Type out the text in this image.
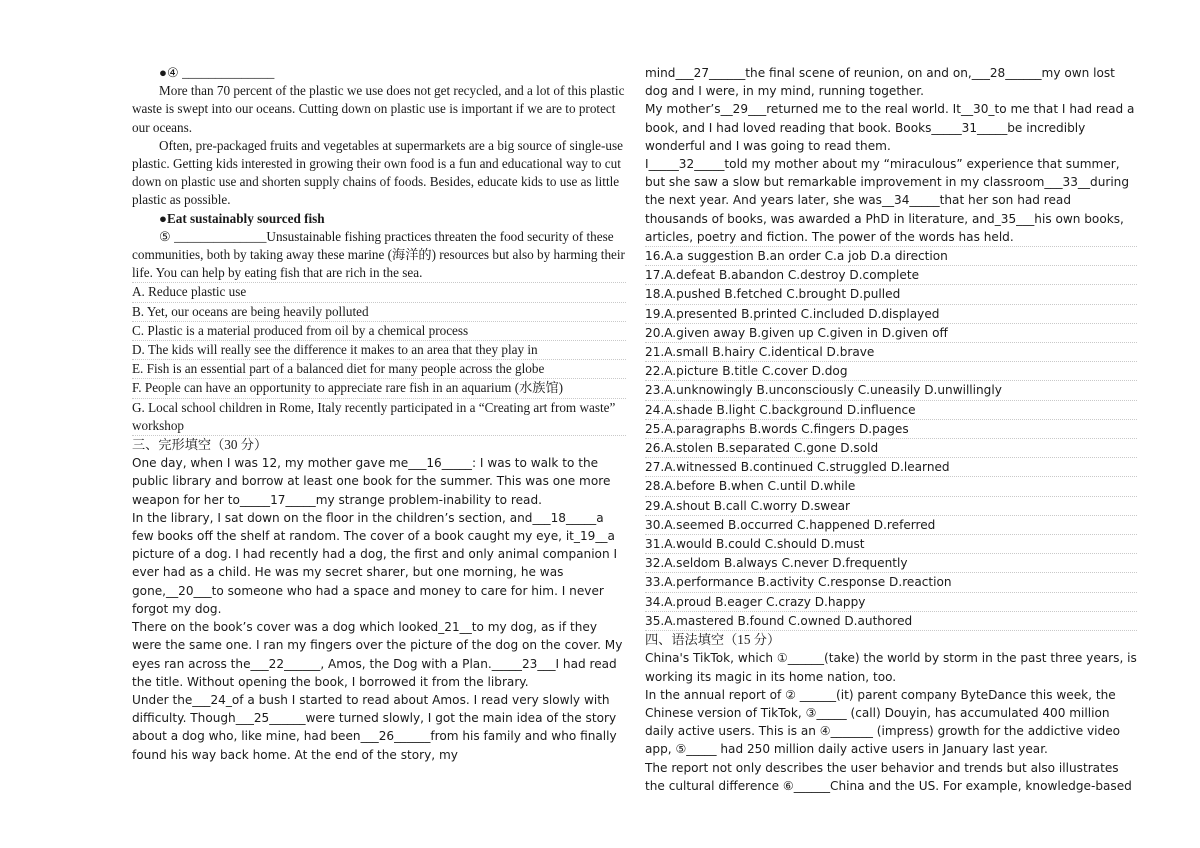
●④ ______________

More than 70 percent of the plastic we use does not get recycled, and a lot of this plastic waste is swept into our oceans. Cutting down on plastic use is important if we are to protect our oceans.

Often, pre-packaged fruits and vegetables at supermarkets are a big source of single-use plastic. Getting kids interested in growing their own food is a fun and educational way to cut down on plastic use and shorten supply chains of foods. Besides, educate kids to use as little plastic as possible.

●Eat sustainably sourced fish

⑤ ______________Unsustainable fishing practices threaten the food security of these communities, both by taking away these marine (海洋的) resources but also by harming their life. You can help by eating fish that are rich in the sea.

A. Reduce plastic use

B. Yet, our oceans are being heavily polluted

C. Plastic is a material produced from oil by a chemical process

D. The kids will really see the difference it makes to an area that they play in

E. Fish is an essential part of a balanced diet for many people across the globe

F. People can have an opportunity to appreciate rare fish in an aquarium (水族馆)

G. Local school children in Rome, Italy recently participated in a “Creating art from waste” workshop

三、完形填空（30 分）

One day, when I was 12, my mother gave me___16_____: I was to walk to the public library and borrow at least one book for the summer. This was one more weapon for her to_____17_____my strange problem-inability to read.

In the library, I sat down on the floor in the children’s section, and___18_____a few books off the shelf at random. The cover of a book caught my eye, it_19__a picture of a dog. I had recently had a dog, the first and only animal companion I ever had as a child. He was my secret sharer, but one morning, he was gone,__20___to someone who had a space and money to care for him. I never forgot my dog.

There on the book’s cover was a dog which looked_21__to my dog, as if they were the same one. I ran my fingers over the picture of the dog on the cover. My eyes ran across the___22______, Amos, the Dog with a Plan._____23___I had read the title. Without opening the book, I borrowed it from the library.

Under the___24_of a bush I started to read about Amos. I read very slowly with difficulty. Though___25______were turned slowly, I got the main idea of the story about a dog who, like mine, had been___26______from his family and who finally found his way back home. At the end of the story, my

mind___27______the final scene of reunion, on and on,___28______my own lost dog and I were, in my mind, running together.

My mother’s__29___returned me to the real world. It__30_to me that I had read a book, and I had loved reading that book. Books_____31_____be incredibly wonderful and I was going to read them.

I_____32_____told my mother about my “miraculous” experience that summer, but she saw a slow but remarkable improvement in my classroom___33__during the next year. And years later, she was__34_____that her son had read thousands of books, was awarded a PhD in literature, and_35___his own books, articles, poetry and fiction. The power of the words has held.

16.A.a suggestion B.an order C.a job D.a direction

17.A.defeat B.abandon C.destroy D.complete

18.A.pushed B.fetched C.brought D.pulled

19.A.presented B.printed C.included D.displayed

20.A.given away B.given up C.given in D.given off

21.A.small B.hairy C.identical D.brave

22.A.picture B.title C.cover D.dog

23.A.unknowingly B.unconsciously C.uneasily D.unwillingly

24.A.shade B.light C.background D.influence

25.A.paragraphs B.words C.fingers D.pages

26.A.stolen B.separated C.gone D.sold

27.A.witnessed B.continued C.struggled D.learned

28.A.before B.when C.until D.while

29.A.shout B.call C.worry D.swear

30.A.seemed B.occurred C.happened D.referred

31.A.would B.could C.should D.must

32.A.seldom B.always C.never D.frequently

33.A.performance B.activity C.response D.reaction

34.A.proud B.eager C.crazy D.happy

35.A.mastered B.found C.owned D.authored

四、语法填空（15 分）

China's TikTok, which ①______(take) the world by storm in the past three years, is working its magic in its home nation, too.

In the annual report of ② ______(it) parent company ByteDance this week, the Chinese version of TikTok, ③_____ (call) Douyin, has accumulated 400 million daily active users. This is an ④_______ (impress) growth for the addictive video app, ⑤_____ had 250 million daily active users in January last year.

The report not only describes the user behavior and trends but also illustrates the cultural difference ⑥______China and the US. For example, knowledge-based
